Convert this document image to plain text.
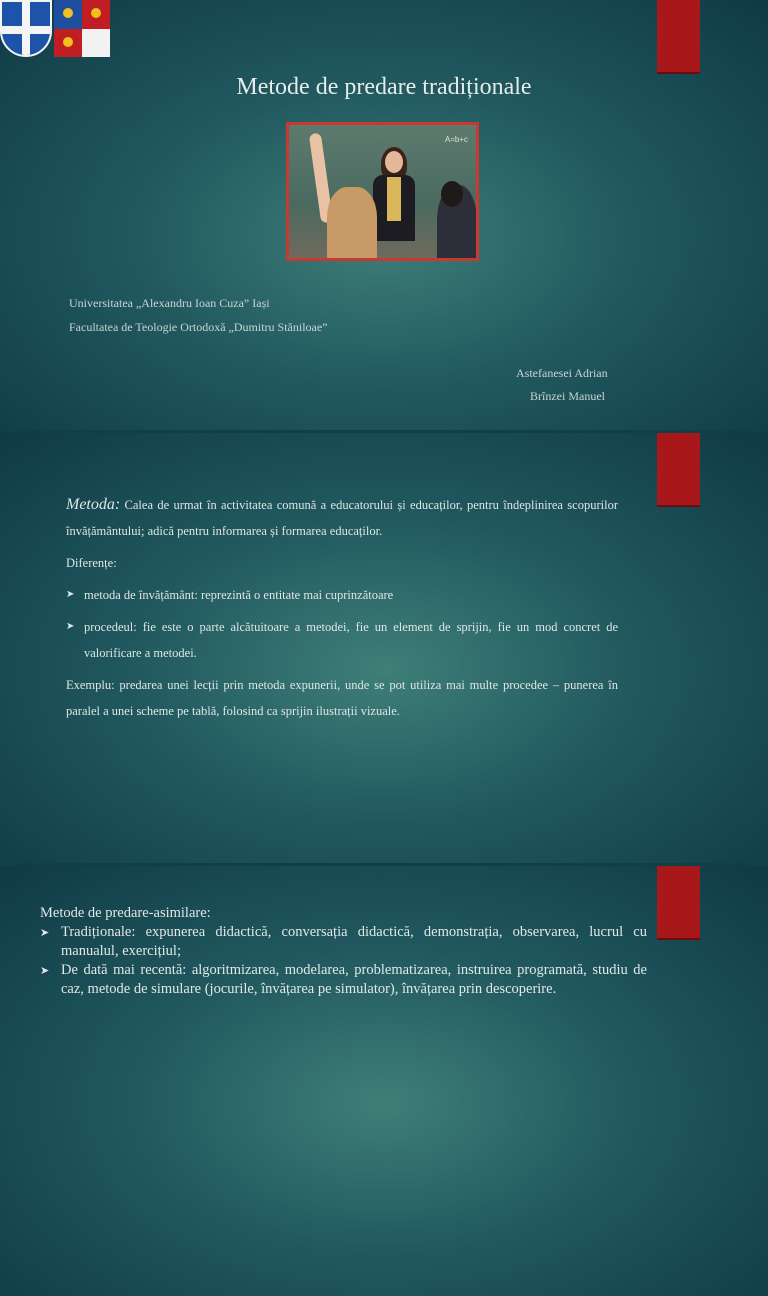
Metode de predare tradiționale
A=b+c
Universitatea „Alexandru Ioan Cuza” Iași
Facultatea de Teologie Ortodoxă „Dumitru Stăniloae”
Astefanesei Adrian
Brînzei Manuel

Metoda: Calea de urmat în activitatea comună a educatorului și educaților, pentru îndeplinirea scopurilor învățământului; adică pentru informarea și formarea educaților.

Diferențe:

➤ metoda de învățământ: reprezintă o entitate mai cuprinzătoare

➤ procedeul: fie este o parte alcătuitoare a metodei, fie un element de sprijin, fie un mod concret de valorificare a metodei.

Exemplu: predarea unei lecții prin metoda expunerii, unde se pot utiliza mai multe procedee – punerea în paralel a unei scheme pe tablă, folosind ca sprijin ilustrații vizuale.

Metode de predare-asimilare:

➤ Tradiționale: expunerea didactică, conversația didactică, demonstrația, observarea, lucrul cu manualul, exercițiul;

➤ De dată mai recentă: algoritmizarea, modelarea, problematizarea, instruirea programată, studiu de caz, metode de simulare (jocurile, învățarea pe simulator), învățarea prin descoperire.
